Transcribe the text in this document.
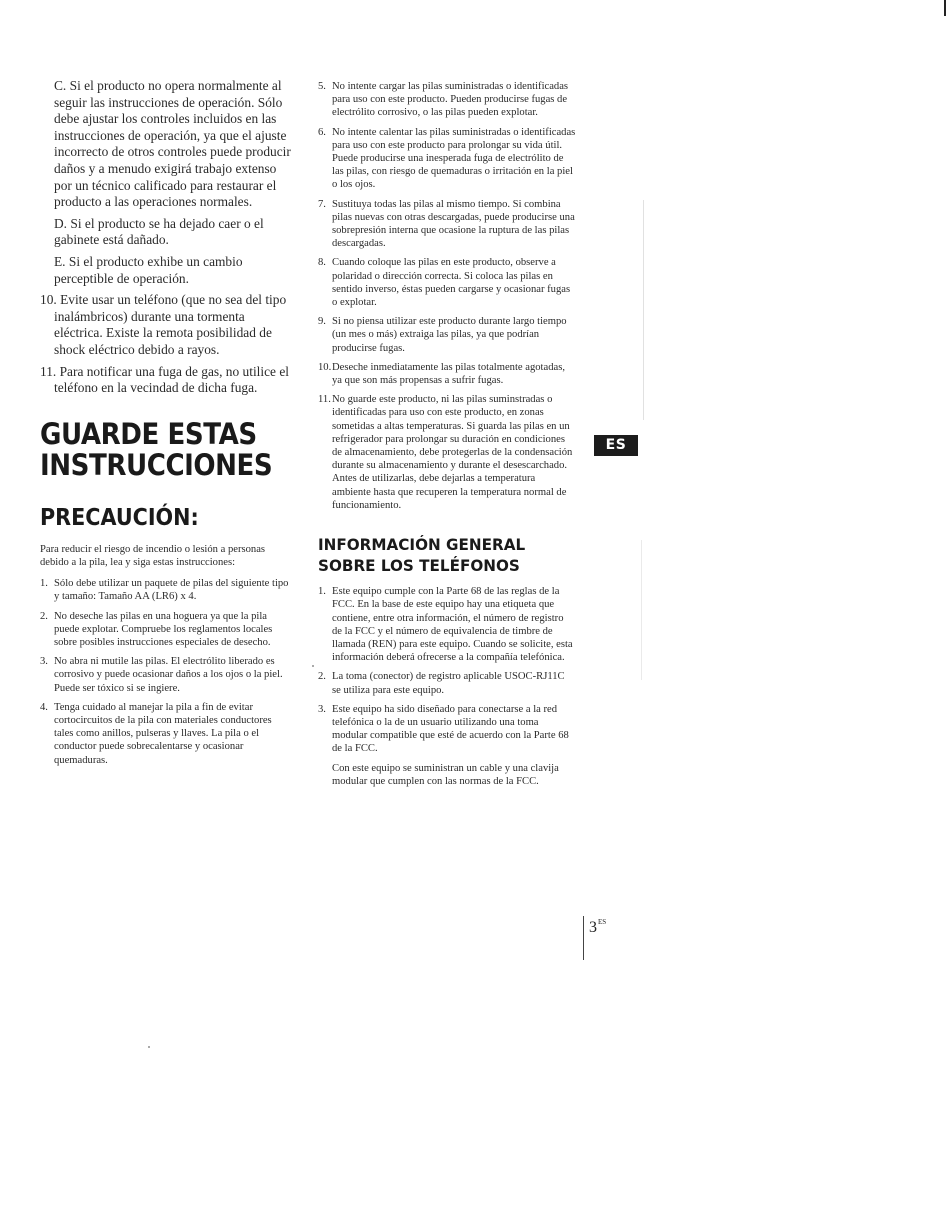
C. Si el producto no opera normalmente al seguir las instrucciones de operación. Sólo debe ajustar los controles incluidos en las instrucciones de operación, ya que el ajuste incorrecto de otros controles puede producir daños y a menudo exigirá trabajo extenso por un técnico calificado para restaurar el producto a las operaciones normales.

D. Si el producto se ha dejado caer o el gabinete está dañado.

E. Si el producto exhibe un cambio perceptible de operación.

10. Evite usar un teléfono (que no sea del tipo inalámbricos) durante una tormenta eléctrica. Existe la remota posibilidad de shock eléctrico debido a rayos.

11. Para notificar una fuga de gas, no utilice el teléfono en la vecindad de dicha fuga.

GUARDE ESTAS
INSTRUCCIONES
PRECAUCIÓN:

Para reducir el riesgo de incendio o lesión a personas debido a la pila, lea y siga estas instrucciones:

1. Sólo debe utilizar un paquete de pilas del siguiente tipo y tamaño: Tamaño AA (LR6) x 4.
2. No deseche las pilas en una hoguera ya que la pila puede explotar. Compruebe los reglamentos locales sobre posibles instrucciones especiales de desecho.
3. No abra ni mutile las pilas. El electrólito liberado es corrosivo y puede ocasionar daños a los ojos o la piel. Puede ser tóxico si se ingiere.
4. Tenga cuidado al manejar la pila a fin de evitar cortocircuitos de la pila con materiales conductores tales como anillos, pulseras y llaves. La pila o el conductor puede sobrecalentarse y ocasionar quemaduras.
5. No intente cargar las pilas suministradas o identificadas para uso con este producto. Pueden producirse fugas de electrólito corrosivo, o las pilas pueden explotar.
6. No intente calentar las pilas suministradas o identificadas para uso con este producto para prolongar su vida útil. Puede producirse una inesperada fuga de electrólito de las pilas, con riesgo de quemaduras o irritación en la piel o los ojos.
7. Sustituya todas las pilas al mismo tiempo. Si combina pilas nuevas con otras descargadas, puede producirse una sobrepresión interna que ocasione la ruptura de las pilas descargadas.
8. Cuando coloque las pilas en este producto, observe a polaridad o dirección correcta. Si coloca las pilas en sentido inverso, éstas pueden cargarse y ocasionar fugas o explotar.
9. Si no piensa utilizar este producto durante largo tiempo (un mes o más) extraiga las pilas, ya que podrían producirse fugas.
10. Deseche inmediatamente las pilas totalmente agotadas, ya que son más propensas a sufrir fugas.
11. No guarde este producto, ni las pilas suminstradas o identificadas para uso con este producto, en zonas sometidas a altas temperaturas. Si guarda las pilas en un refrigerador para prolongar su duración en condiciones de almacenamiento, debe protegerlas de la condensación durante su almacenamiento y durante el desescarchado. Antes de utilizarlas, debe dejarlas a temperatura ambiente hasta que recuperen la temperatura normal de funcionamiento.
INFORMACIÓN GENERAL
SOBRE LOS TELÉFONOS
1. Este equipo cumple con la Parte 68 de las reglas de la FCC. En la base de este equipo hay una etiqueta que contiene, entre otra información, el número de registro de la FCC y el número de equivalencia de timbre de llamada (REN) para este equipo. Cuando se solicite, esta información deberá ofrecerse a la compañía telefónica.
2. La toma (conector) de registro aplicable USOC-RJ11C se utiliza para este equipo.
3. Este equipo ha sido diseñado para conectarse a la red telefónica o la de un usuario utilizando una toma modular compatible que esté de acuerdo con la Parte 68 de la FCC.

Con este equipo se suministran un cable y una clavija modular que cumplen con las normas de la FCC.

ES
$3^{ES}$
